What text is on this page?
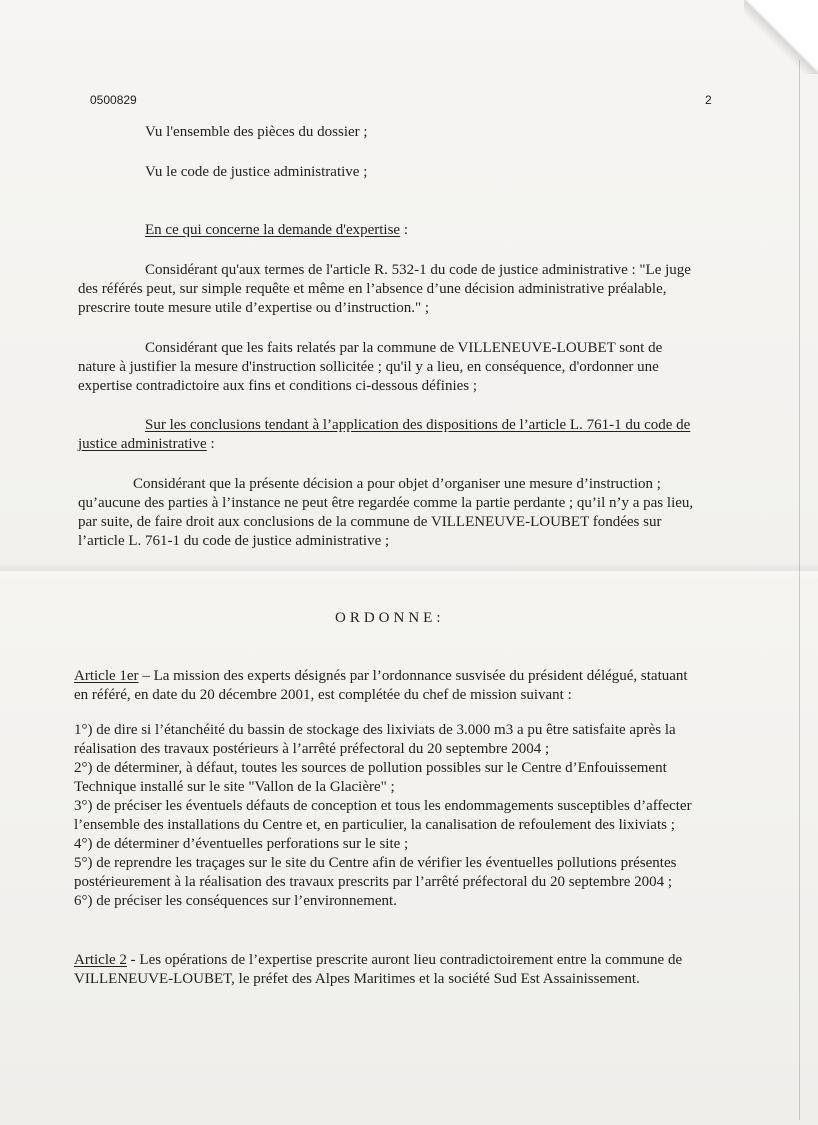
0500829	2
Vu l'ensemble des pièces du dossier ;
Vu le code de justice administrative ;
En ce qui concerne la demande d'expertise :
Considérant qu'aux termes de l'article R. 532-1 du code de justice administrative : "Le juge
des référés peut, sur simple requête et même en l’absence d’une décision administrative préalable,
prescrire toute mesure utile d’expertise ou d’instruction." ;
Considérant que les faits relatés par la commune de VILLENEUVE-LOUBET sont de
nature à justifier la mesure d'instruction sollicitée ; qu'il y a lieu, en conséquence, d'ordonner une
expertise contradictoire aux fins et conditions ci-dessous définies ;
Sur les conclusions tendant à l’application des dispositions de l’article L. 761-1 du code de
justice administrative :
Considérant que la présente décision a pour objet d’organiser une mesure d’instruction ;
qu’aucune des parties à l’instance ne peut être regardée comme la partie perdante ; qu’il n’y a pas lieu,
par suite, de faire droit aux conclusions de la commune de VILLENEUVE-LOUBET fondées sur
l’article L. 761-1 du code de justice administrative ;
ORDONNE:
Article 1er – La mission des experts désignés par l’ordonnance susvisée du président délégué, statuant
en référé, en date du 20 décembre 2001, est complétée du chef de mission suivant :
1°) de dire si l’étanchéité du bassin de stockage des lixiviats de 3.000 m3 a pu être satisfaite après la
réalisation des travaux postérieurs à l’arrêté préfectoral du 20 septembre 2004 ;
2°) de déterminer, à défaut, toutes les sources de pollution possibles sur le Centre d’Enfouissement
Technique installé sur le site "Vallon de la Glacière" ;
3°) de préciser les éventuels défauts de conception et tous les endommagements susceptibles d’affecter
l’ensemble des installations du Centre et, en particulier, la canalisation de refoulement des lixiviats ;
4°) de déterminer d’éventuelles perforations sur le site ;
5°) de reprendre les traçages sur le site du Centre afin de vérifier les éventuelles pollutions présentes
postérieurement à la réalisation des travaux prescrits par l’arrêté préfectoral du 20 septembre 2004 ;
6°) de préciser les conséquences sur l’environnement.
Article 2 - Les opérations de l’expertise prescrite auront lieu contradictoirement entre la commune de
VILLENEUVE-LOUBET, le préfet des Alpes Maritimes et la société Sud Est Assainissement.
